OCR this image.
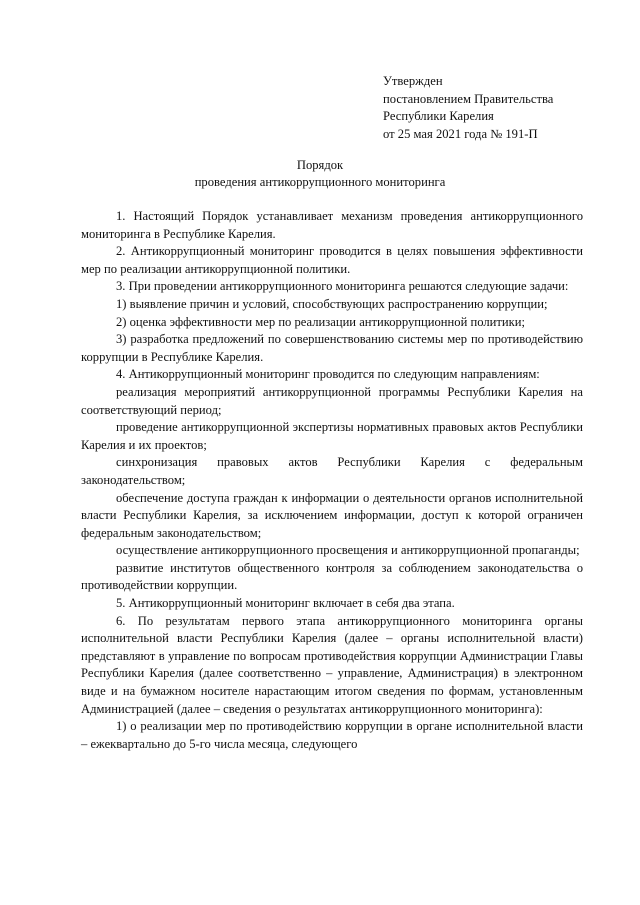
Утвержден
постановлением Правительства
Республики Карелия
от 25 мая 2021 года № 191-П
Порядок
проведения антикоррупционного мониторинга

1. Настоящий Порядок устанавливает механизм проведения антикоррупционного мониторинга в Республике Карелия.

2. Антикоррупционный мониторинг проводится в целях повышения эффективности мер по реализации антикоррупционной политики.

3. При проведении антикоррупционного мониторинга решаются следующие задачи:

1) выявление причин и условий, способствующих распространению коррупции;

2) оценка эффективности мер по реализации антикоррупционной политики;

3) разработка предложений по совершенствованию системы мер по противодействию коррупции в Республике Карелия.

4. Антикоррупционный мониторинг проводится по следующим направлениям:

реализация мероприятий антикоррупционной программы Республики Карелия на соответствующий период;

проведение антикоррупционной экспертизы нормативных правовых актов Республики Карелия и их проектов;

синхронизация правовых актов Республики Карелия с федеральным законодательством;

обеспечение доступа граждан к информации о деятельности органов исполнительной власти Республики Карелия, за исключением информации, доступ к которой ограничен федеральным законодательством;

осуществление антикоррупционного просвещения и антикоррупционной пропаганды;

развитие институтов общественного контроля за соблюдением законодательства о противодействии коррупции.

5. Антикоррупционный мониторинг включает в себя два этапа.

6. По результатам первого этапа антикоррупционного мониторинга органы исполнительной власти Республики Карелия (далее – органы исполнительной власти) представляют в управление по вопросам противодействия коррупции Администрации Главы Республики Карелия (далее соответственно – управление, Администрация) в электронном виде и на бумажном носителе нарастающим итогом сведения по формам, установленным Администрацией (далее – сведения о результатах антикоррупционного мониторинга):

1) о реализации мер по противодействию коррупции в органе исполнительной власти – ежеквартально до 5-го числа месяца, следующего
